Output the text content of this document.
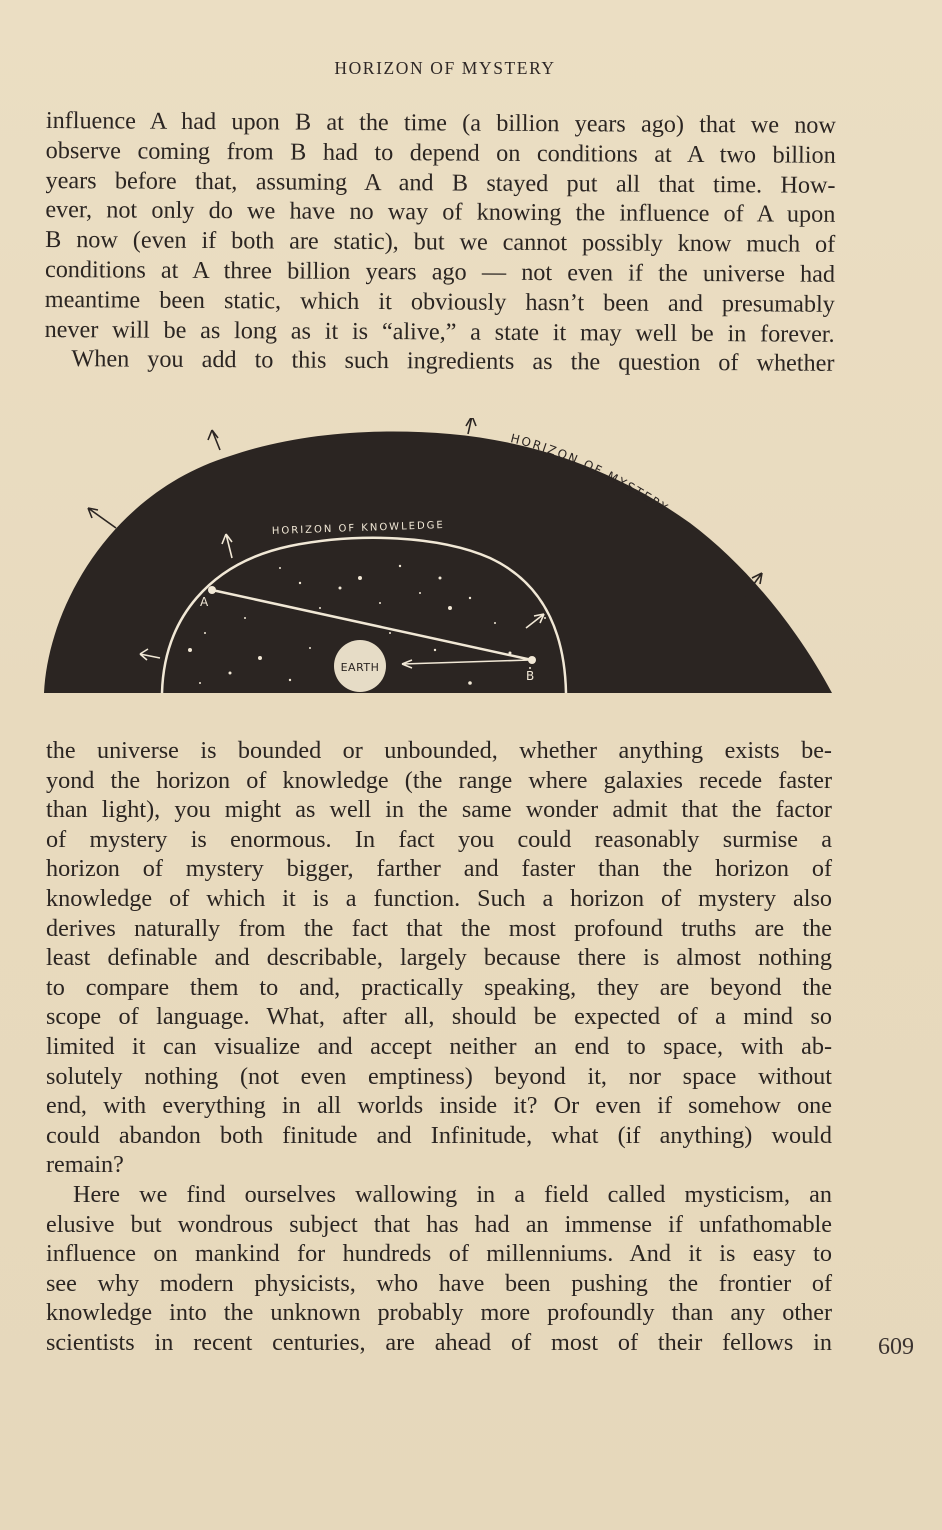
HORIZON OF MYSTERY
influence A had upon B at the time (a billion years ago) that we now
observe coming from B had to depend on conditions at A two billion
years before that, assuming A and B stayed put all that time. How-
ever, not only do we have no way of knowing the influence of A upon
B now (even if both are static), but we cannot possibly know much of
conditions at A three billion years ago — not even if the universe had
meantime been static, which it obviously hasn’t been and presumably
never will be as long as it is “alive,” a state it may well be in forever.
When you add to this such ingredients as the question of whether
EARTH
A
B
HORIZON OF KNOWLEDGE
HORIZON OF MYSTERY
the universe is bounded or unbounded, whether anything exists be-
yond the horizon of knowledge (the range where galaxies recede faster
than light), you might as well in the same wonder admit that the factor
of mystery is enormous. In fact you could reasonably surmise a
horizon of mystery bigger, farther and faster than the horizon of
knowledge of which it is a function. Such a horizon of mystery also
derives naturally from the fact that the most profound truths are the
least definable and describable, largely because there is almost nothing
to compare them to and, practically speaking, they are beyond the
scope of language. What, after all, should be expected of a mind so
limited it can visualize and accept neither an end to space, with ab-
solutely nothing (not even emptiness) beyond it, nor space without
end, with everything in all worlds inside it? Or even if somehow one
could abandon both finitude and Infinitude, what (if anything) would
remain?
Here we find ourselves wallowing in a field called mysticism, an
elusive but wondrous subject that has had an immense if unfathomable
influence on mankind for hundreds of millenniums. And it is easy to
see why modern physicists, who have been pushing the frontier of
knowledge into the unknown probably more profoundly than any other
scientists in recent centuries, are ahead of most of their fellows in 609
